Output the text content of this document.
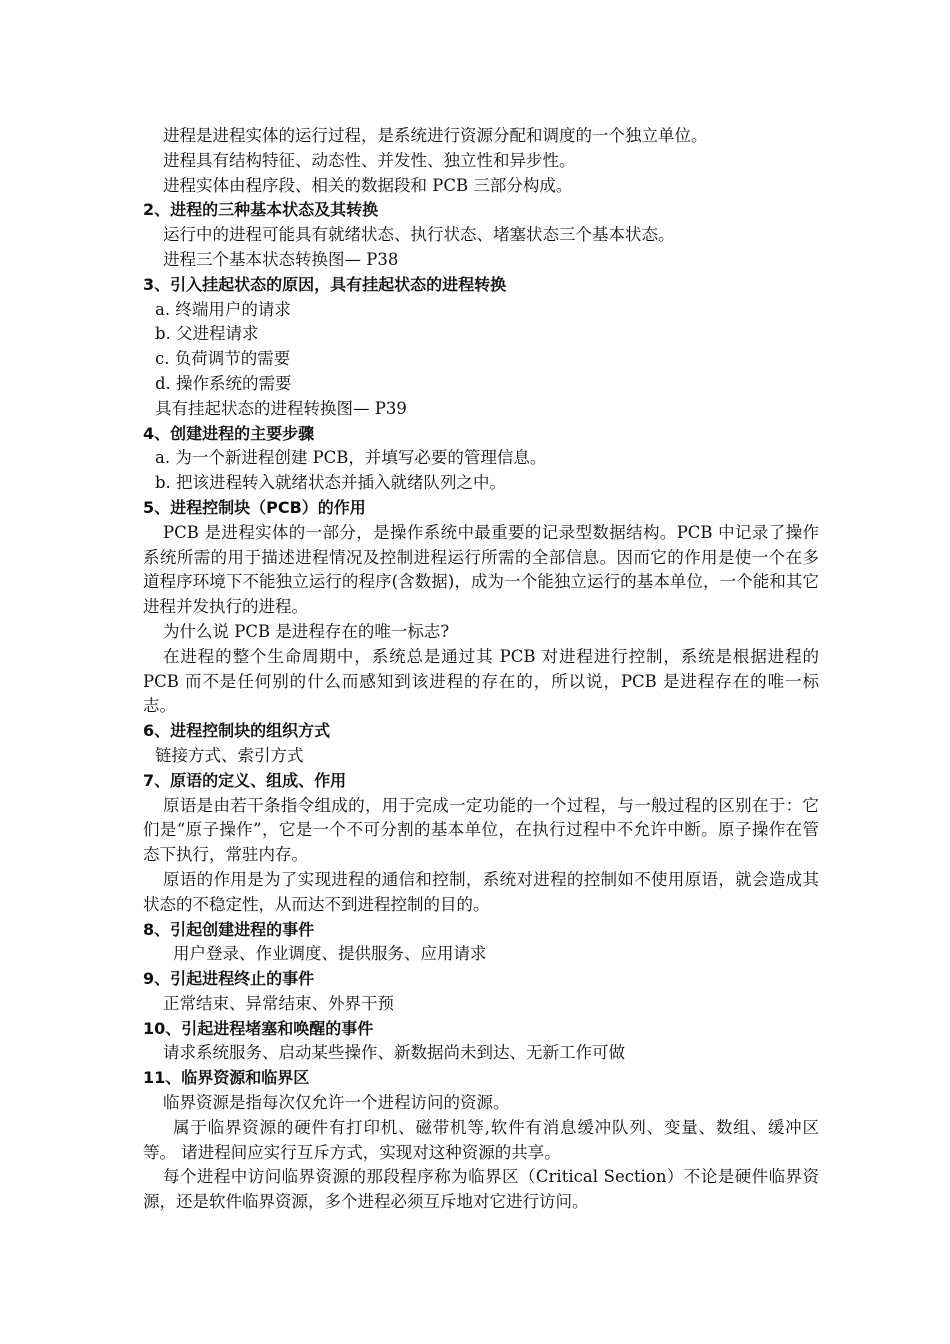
进程是进程实体的运行过程，是系统进行资源分配和调度的一个独立单位。

进程具有结构特征、动态性、并发性、独立性和异步性。

进程实体由程序段、相关的数据段和 PCB 三部分构成。

2、进程的三种基本状态及其转换

运行中的进程可能具有就绪状态、执行状态、堵塞状态三个基本状态。

进程三个基本状态转换图— P38

3、引入挂起状态的原因，具有挂起状态的进程转换

a. 终端用户的请求

b. 父进程请求

c. 负荷调节的需要

d. 操作系统的需要

具有挂起状态的进程转换图— P39

4、创建进程的主要步骤

a. 为一个新进程创建 PCB，并填写必要的管理信息。

b. 把该进程转入就绪状态并插入就绪队列之中。

5、进程控制块（PCB）的作用

PCB 是进程实体的一部分，是操作系统中最重要的记录型数据结构。PCB 中记录了操作系统所需的用于描述进程情况及控制进程运行所需的全部信息。因而它的作用是使一个在多道程序环境下不能独立运行的程序(含数据)，成为一个能独立运行的基本单位，一个能和其它进程并发执行的进程。

为什么说 PCB 是进程存在的唯一标志?

在进程的整个生命周期中，系统总是通过其 PCB 对进程进行控制，系统是根据进程的 PCB 而不是任何别的什么而感知到该进程的存在的，所以说，PCB 是进程存在的唯一标志。

6、进程控制块的组织方式

链接方式、索引方式

7、原语的定义、组成、作用

原语是由若干条指令组成的，用于完成一定功能的一个过程，与一般过程的区别在于：它们是“原子操作”，它是一个不可分割的基本单位，在执行过程中不允许中断。原子操作在管态下执行，常驻内存。

原语的作用是为了实现进程的通信和控制，系统对进程的控制如不使用原语，就会造成其状态的不稳定性，从而达不到进程控制的目的。

8、引起创建进程的事件

用户登录、作业调度、提供服务、应用请求

9、引起进程终止的事件

正常结束、异常结束、外界干预

10、引起进程堵塞和唤醒的事件

请求系统服务、启动某些操作、新数据尚未到达、无新工作可做

11、临界资源和临界区

临界资源是指每次仅允许一个进程访问的资源。

属于临界资源的硬件有打印机、磁带机等,软件有消息缓冲队列、变量、数组、缓冲区等。 诸进程间应实行互斥方式，实现对这种资源的共享。

每个进程中访问临界资源的那段程序称为临界区（Critical Section）不论是硬件临界资源，还是软件临界资源，多个进程必须互斥地对它进行访问。
